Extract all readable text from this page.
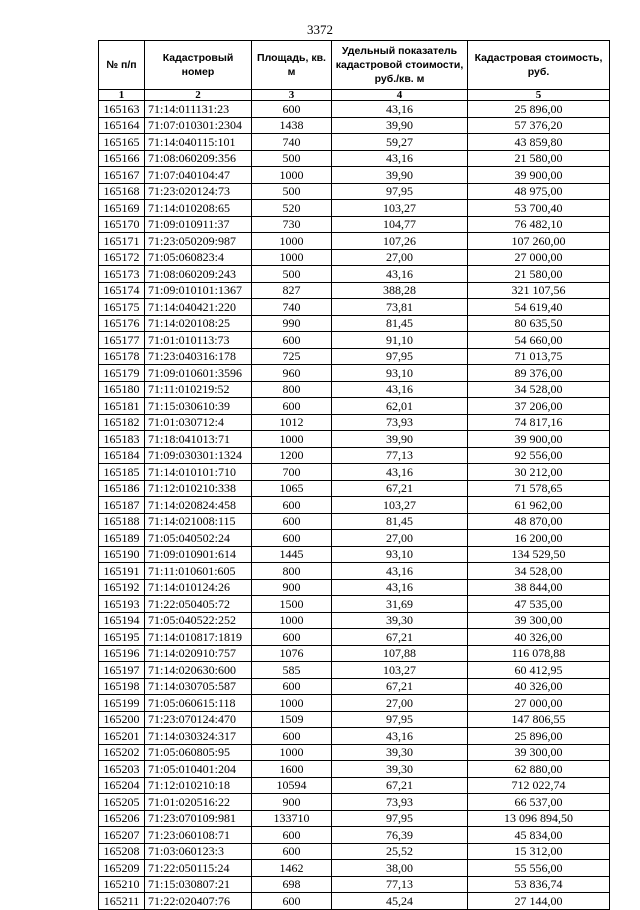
3372
№ п/п	Кадастровый номер	Площадь, кв. м	Удельный показатель кадастровой стоимости, руб./кв. м	Кадастровая стоимость, руб.
1	2	3	4	5
165163	71:14:011131:23	600	43,16	25 896,00
165164	71:07:010301:2304	1438	39,90	57 376,20
165165	71:14:040115:101	740	59,27	43 859,80
165166	71:08:060209:356	500	43,16	21 580,00
165167	71:07:040104:47	1000	39,90	39 900,00
165168	71:23:020124:73	500	97,95	48 975,00
165169	71:14:010208:65	520	103,27	53 700,40
165170	71:09:010911:37	730	104,77	76 482,10
165171	71:23:050209:987	1000	107,26	107 260,00
165172	71:05:060823:4	1000	27,00	27 000,00
165173	71:08:060209:243	500	43,16	21 580,00
165174	71:09:010101:1367	827	388,28	321 107,56
165175	71:14:040421:220	740	73,81	54 619,40
165176	71:14:020108:25	990	81,45	80 635,50
165177	71:01:010113:73	600	91,10	54 660,00
165178	71:23:040316:178	725	97,95	71 013,75
165179	71:09:010601:3596	960	93,10	89 376,00
165180	71:11:010219:52	800	43,16	34 528,00
165181	71:15:030610:39	600	62,01	37 206,00
165182	71:01:030712:4	1012	73,93	74 817,16
165183	71:18:041013:71	1000	39,90	39 900,00
165184	71:09:030301:1324	1200	77,13	92 556,00
165185	71:14:010101:710	700	43,16	30 212,00
165186	71:12:010210:338	1065	67,21	71 578,65
165187	71:14:020824:458	600	103,27	61 962,00
165188	71:14:021008:115	600	81,45	48 870,00
165189	71:05:040502:24	600	27,00	16 200,00
165190	71:09:010901:614	1445	93,10	134 529,50
165191	71:11:010601:605	800	43,16	34 528,00
165192	71:14:010124:26	900	43,16	38 844,00
165193	71:22:050405:72	1500	31,69	47 535,00
165194	71:05:040522:252	1000	39,30	39 300,00
165195	71:14:010817:1819	600	67,21	40 326,00
165196	71:14:020910:757	1076	107,88	116 078,88
165197	71:14:020630:600	585	103,27	60 412,95
165198	71:14:030705:587	600	67,21	40 326,00
165199	71:05:060615:118	1000	27,00	27 000,00
165200	71:23:070124:470	1509	97,95	147 806,55
165201	71:14:030324:317	600	43,16	25 896,00
165202	71:05:060805:95	1000	39,30	39 300,00
165203	71:05:010401:204	1600	39,30	62 880,00
165204	71:12:010210:18	10594	67,21	712 022,74
165205	71:01:020516:22	900	73,93	66 537,00
165206	71:23:070109:981	133710	97,95	13 096 894,50
165207	71:23:060108:71	600	76,39	45 834,00
165208	71:03:060123:3	600	25,52	15 312,00
165209	71:22:050115:24	1462	38,00	55 556,00
165210	71:15:030807:21	698	77,13	53 836,74
165211	71:22:020407:76	600	45,24	27 144,00
